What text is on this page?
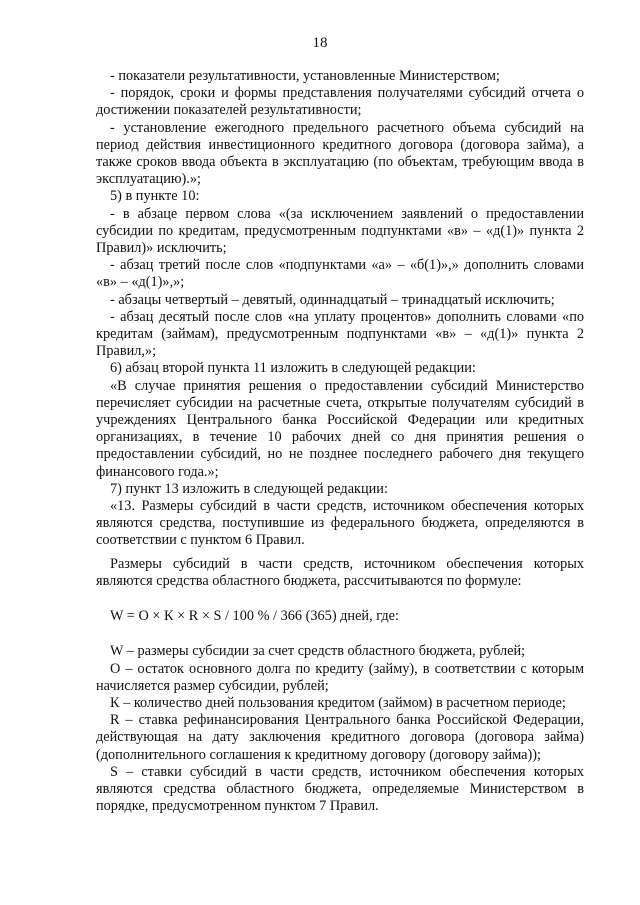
18

- показатели результативности, установленные Министерством;

- порядок, сроки и формы представления получателями субсидий отчета о достижении показателей результативности;

- установление ежегодного предельного расчетного объема субсидий на период действия инвестиционного кредитного договора (договора займа), а также сроков ввода объекта в эксплуатацию (по объектам, требующим ввода в эксплуатацию).»;

5) в пункте 10:

- в абзаце первом слова «(за исключением заявлений о предоставлении субсидии по кредитам, предусмотренным подпунктами «в» – «д(1)» пункта 2 Правил)» исключить;

- абзац третий после слов «подпунктами «а» – «б(1)»,» дополнить словами «в» – «д(1)»,»;

- абзацы четвертый – девятый, одиннадцатый – тринадцатый исключить;

- абзац десятый после слов «на уплату процентов» дополнить словами «по кредитам (займам), предусмотренным подпунктами «в» – «д(1)» пункта 2 Правил,»;

6) абзац второй пункта 11 изложить в следующей редакции:

«В случае принятия решения о предоставлении субсидий Министерство перечисляет субсидии на расчетные счета, открытые получателям субсидий в учреждениях Центрального банка Российской Федерации или кредитных организациях, в течение 10 рабочих дней со дня принятия решения о предоставлении субсидий, но не позднее последнего рабочего дня текущего финансового года.»;

7) пункт 13 изложить в следующей редакции:

«13. Размеры субсидий в части средств, источником обеспечения которых являются средства, поступившие из федерального бюджета, определяются в соответствии с пунктом 6 Правил.

Размеры субсидий в части средств, источником обеспечения которых являются средства областного бюджета, рассчитываются по формуле:

W = О × К × R × S / 100 % / 366 (365) дней, где:

W – размеры субсидии за счет средств областного бюджета, рублей;

О – остаток основного долга по кредиту (займу), в соответствии с которым начисляется размер субсидии, рублей;

К – количество дней пользования кредитом (займом) в расчетном периоде;

R – ставка рефинансирования Центрального банка Российской Федерации, действующая на дату заключения кредитного договора (договора займа) (дополнительного соглашения к кредитному договору (договору займа));

S – ставки субсидий в части средств, источником обеспечения которых являются средства областного бюджета, определяемые Министерством в порядке, предусмотренном пунктом 7 Правил.
